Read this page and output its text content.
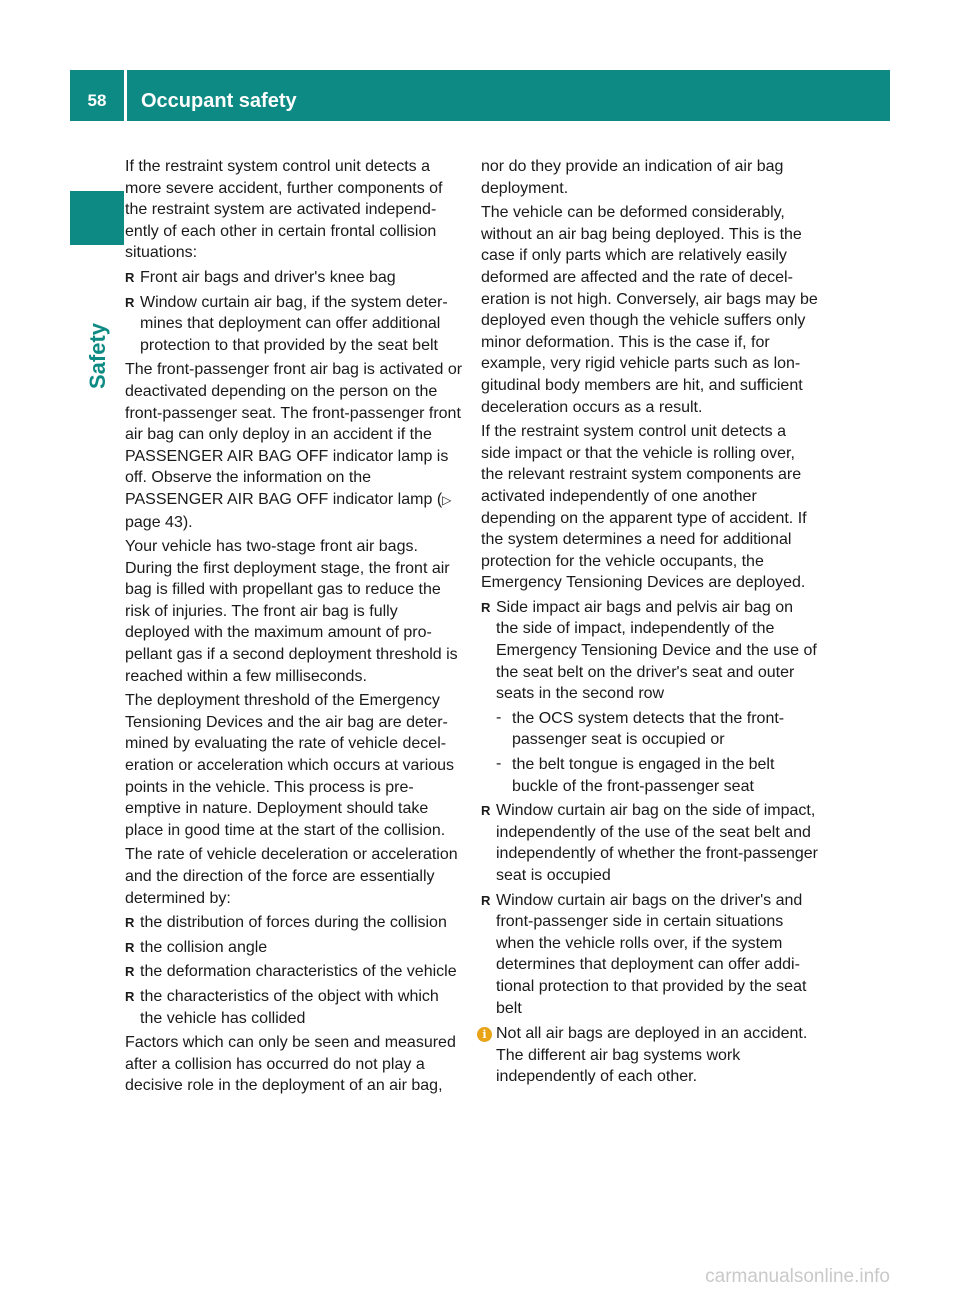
58	Occupant safety
Safety

If the restraint system control unit detects a more severe accident, further components of the restraint system are activated independently of each other in certain frontal collision situations:

R Front air bags and driver's knee bag
R Window curtain air bag, if the system determines that deployment can offer additional protection to that provided by the seat belt

The front-passenger front air bag is activated or deactivated depending on the person on the front-passenger seat. The front-passenger front air bag can only deploy in an accident if the PASSENGER AIR BAG OFF indicator lamp is off. Observe the information on the PASSENGER AIR BAG OFF indicator lamp (▷ page 43).

Your vehicle has two-stage front air bags. During the first deployment stage, the front air bag is filled with propellant gas to reduce the risk of injuries. The front air bag is fully deployed with the maximum amount of propellant gas if a second deployment threshold is reached within a few milliseconds.

The deployment threshold of the Emergency Tensioning Devices and the air bag are determined by evaluating the rate of vehicle deceleration or acceleration which occurs at various points in the vehicle. This process is preemptive in nature. Deployment should take place in good time at the start of the collision.

The rate of vehicle deceleration or acceleration and the direction of the force are essentially determined by:

R the distribution of forces during the collision
R the collision angle
R the deformation characteristics of the vehicle
R the characteristics of the object with which the vehicle has collided

Factors which can only be seen and measured after a collision has occurred do not play a decisive role in the deployment of an air bag,

nor do they provide an indication of air bag deployment.

The vehicle can be deformed considerably, without an air bag being deployed. This is the case if only parts which are relatively easily deformed are affected and the rate of deceleration is not high. Conversely, air bags may be deployed even though the vehicle suffers only minor deformation. This is the case if, for example, very rigid vehicle parts such as longitudinal body members are hit, and sufficient deceleration occurs as a result.

If the restraint system control unit detects a side impact or that the vehicle is rolling over, the relevant restraint system components are activated independently of one another depending on the apparent type of accident. If the system determines a need for additional protection for the vehicle occupants, the Emergency Tensioning Devices are deployed.

R Side impact air bags and pelvis air bag on the side of impact, independently of the Emergency Tensioning Device and the use of the seat belt on the driver's seat and outer seats in the second row
- the OCS system detects that the front-passenger seat is occupied or
- the belt tongue is engaged in the belt buckle of the front-passenger seat
R Window curtain air bag on the side of impact, independently of the use of the seat belt and independently of whether the front-passenger seat is occupied
R Window curtain air bags on the driver's and front-passenger side in certain situations when the vehicle rolls over, if the system determines that deployment can offer additional protection to that provided by the seat belt
i Not all air bags are deployed in an accident. The different air bag systems work independently of each other.
carmanualsonline.info
